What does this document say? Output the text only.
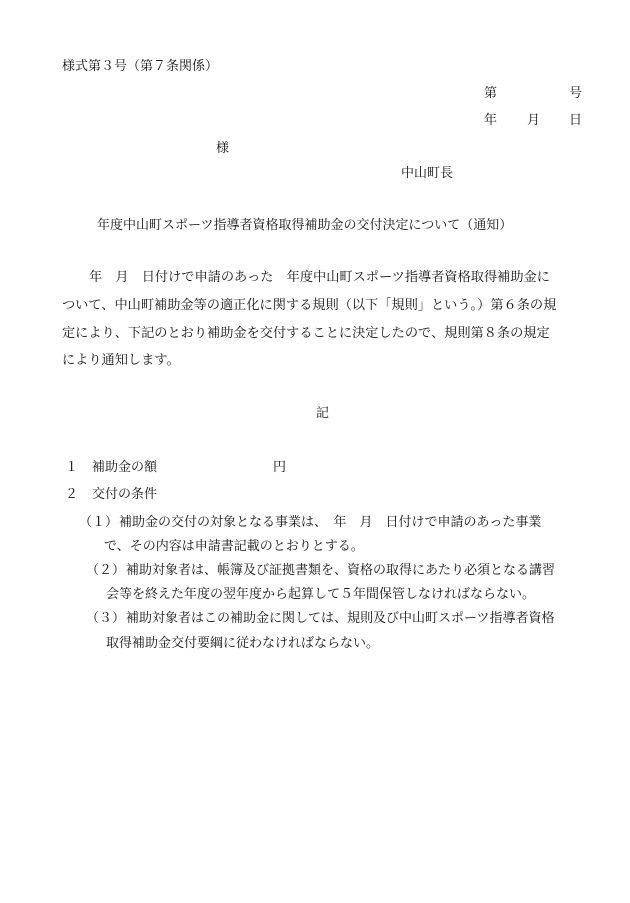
様式第３号（第７条関係）
第	号
年 月 日
様
中山町長
年度中山町スポーツ指導者資格取得補助金の交付決定について（通知）
年　月　日付けで申請のあった　年度中山町スポーツ指導者資格取得補助金に
ついて、中山町補助金等の適正化に関する規則（以下「規則」という。）第６条の規
定により、下記のとおり補助金を交付することに決定したので、規則第８条の規定
により通知します。
記
１ 補助金の額	円
２ 交付の条件
（１） 補助金の交付の対象となる事業は、　年　月　日付けで申請のあった事業
で、その内容は申請書記載のとおりとする。
（２） 補助対象者は、帳簿及び証拠書類を、資格の取得にあたり必須となる講習
会等を終えた年度の翌年度から起算して５年間保管しなければならない。
（３） 補助対象者はこの補助金に関しては、規則及び中山町スポーツ指導者資格
取得補助金交付要綱に従わなければならない。
